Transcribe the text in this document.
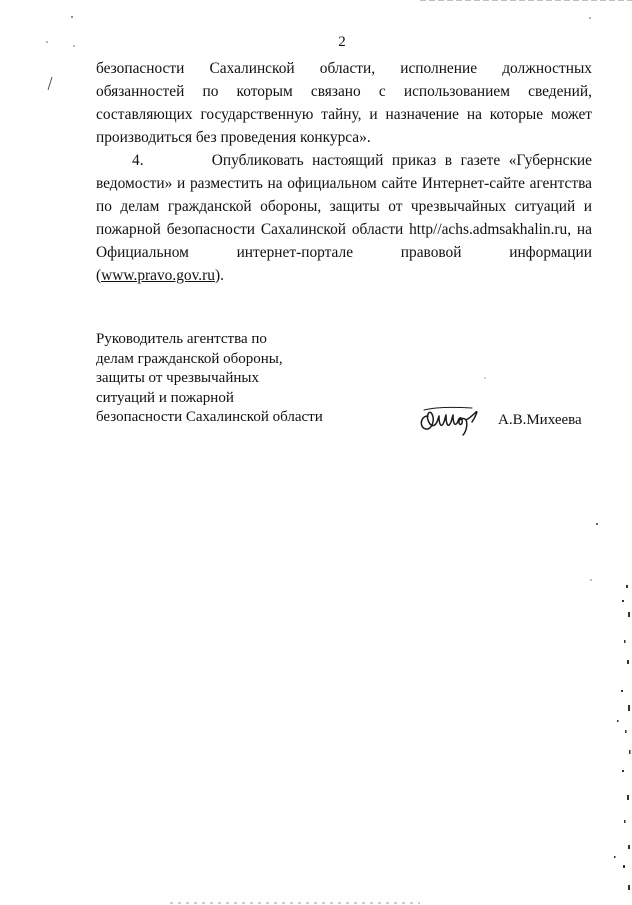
2

безопасности Сахалинской области, исполнение должностных обязанностей по которым связано с использованием сведений, составляющих государственную тайну, и назначение на которые может производиться без проведения конкурса».

4.        Опубликовать настоящий приказ в газете «Губернские ведомости» и разместить на официальном сайте Интернет-сайте агентства по делам гражданской обороны, защиты от чрезвычайных ситуаций и пожарной безопасности Сахалинской области http//achs.admsakhalin.ru, на Официальном интернет-портале правовой информации (www.pravo.gov.ru).

Руководитель агентства по
делам гражданской обороны,
защиты от чрезвычайных
ситуаций и пожарной
безопасности Сахалинской области	А.В.Михеева
